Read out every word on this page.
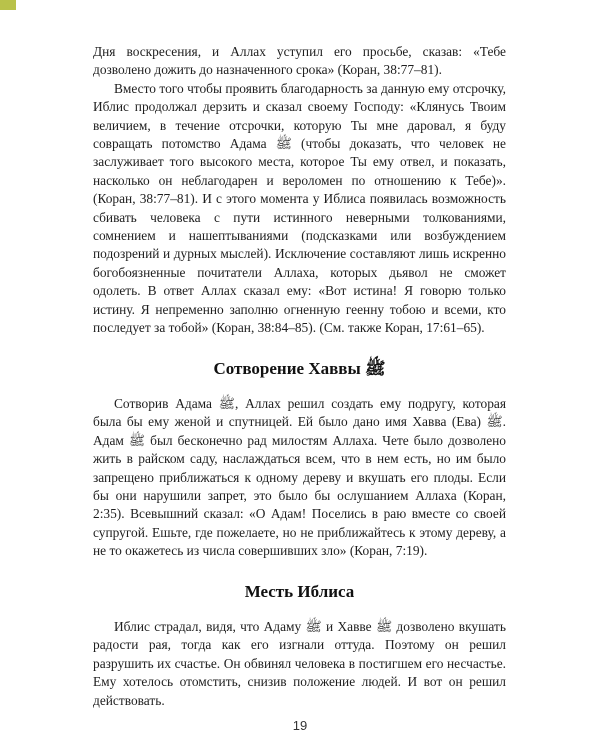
Дня воскресения, и Аллах уступил его просьбе, сказав: «Тебе дозволено дожить до назначенного срока» (Коран, 38:77–81).

Вместо того чтобы проявить благодарность за данную ему отсрочку, Иблис продолжал дерзить и сказал своему Господу: «Клянусь Твоим величием, в течение отсрочки, которую Ты мне даровал, я буду совращать потомство Адама ﷺ (чтобы доказать, что человек не заслуживает того высокого места, которое Ты ему отвел, и показать, насколько он неблагодарен и вероломен по отношению к Тебе)». (Коран, 38:77–81). И с этого момента у Иблиса появилась возможность сбивать человека с пути истинного неверными толкованиями, сомнением и нашептываниями (подсказками или возбуждением подозрений и дурных мыслей). Исключение составляют лишь искренно богобоязненные почитатели Аллаха, которых дьявол не сможет одолеть. В ответ Аллах сказал ему: «Вот истина! Я говорю только истину. Я непременно заполню огненную геенну тобою и всеми, кто последует за тобой» (Коран, 38:84–85). (См. также Коран, 17:61–65).

Сотворение Хаввы ﷺ

Сотворив Адама ﷺ, Аллах решил создать ему подругу, которая была бы ему женой и спутницей. Ей было дано имя Хавва (Ева) ﷺ. Адам ﷺ был бесконечно рад милостям Аллаха. Чете было дозволено жить в райском саду, наслаждаться всем, что в нем есть, но им было запрещено приближаться к одному дереву и вкушать его плоды. Если бы они нарушили запрет, это было бы ослушанием Аллаха (Коран, 2:35). Всевышний сказал: «О Адам! Поселись в раю вместе со своей супругой. Ешьте, где пожелаете, но не приближайтесь к этому дереву, а не то окажетесь из числа совершивших зло» (Коран, 7:19).

Месть Иблиса

Иблис страдал, видя, что Адаму ﷺ и Хавве ﷺ дозволено вкушать радости рая, тогда как его изгнали оттуда. Поэтому он решил разрушить их счастье. Он обвинял человека в постигшем его несчастье. Ему хотелось отомстить, снизив положение людей. И вот он решил действовать.

19
